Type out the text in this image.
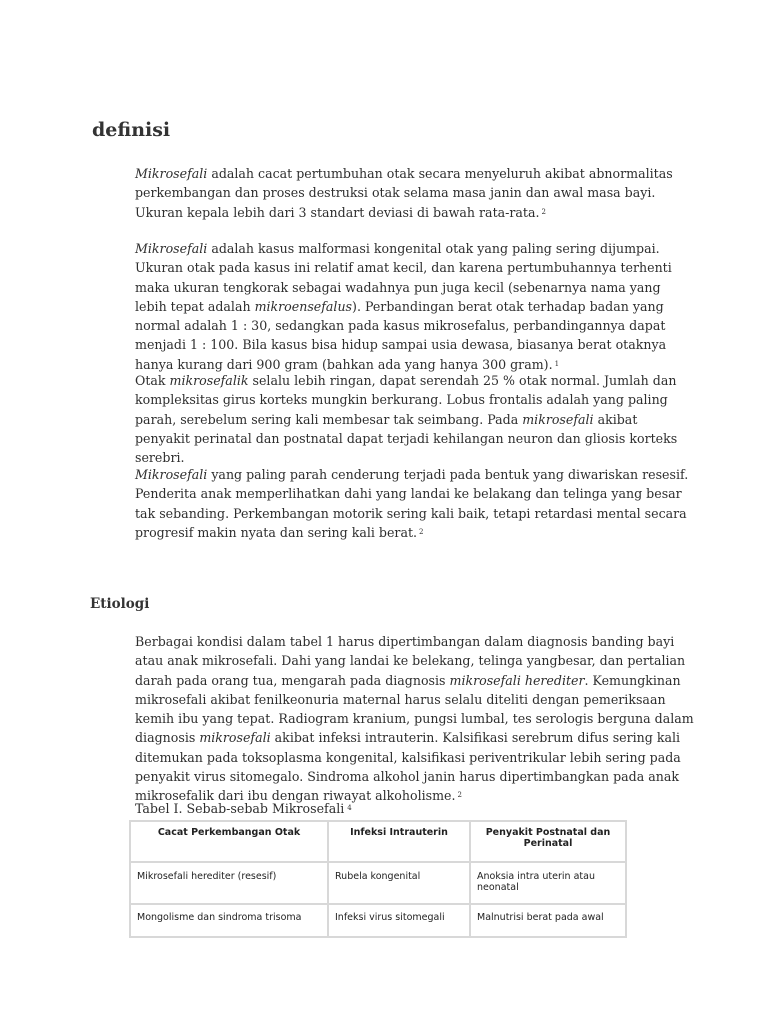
definisi

Mikrosefali adalah cacat pertumbuhan otak secara menyeluruh akibat abnormalitas perkembangan dan proses destruksi otak selama masa janin dan awal masa bayi. Ukuran kepala lebih dari 3 standart deviasi di bawah rata-rata. $^2$

Mikrosefali adalah kasus malformasi kongenital otak yang paling sering dijumpai. Ukuran otak pada kasus ini relatif amat kecil, dan karena pertumbuhannya terhenti maka ukuran tengkorak sebagai wadahnya pun juga kecil (sebenarnya nama yang lebih tepat adalah mikroensefalus). Perbandingan berat otak terhadap badan yang normal adalah 1 : 30, sedangkan pada kasus mikrosefalus, perbandingannya dapat menjadi 1 : 100. Bila kasus bisa hidup sampai usia dewasa, biasanya berat otaknya hanya kurang dari 900 gram (bahkan ada yang hanya 300 gram). $^1$

Otak mikrosefalik selalu lebih ringan, dapat serendah 25 % otak normal. Jumlah dan kompleksitas girus korteks mungkin berkurang. Lobus frontalis adalah yang paling parah, serebelum sering kali membesar tak seimbang. Pada mikrosefali akibat penyakit perinatal dan postnatal dapat terjadi kehilangan neuron dan gliosis korteks serebri.

Mikrosefali yang paling parah cenderung terjadi pada bentuk yang diwariskan resesif. Penderita anak memperlihatkan dahi yang landai ke belakang dan telinga yang besar tak sebanding. Perkembangan motorik sering kali baik, tetapi retardasi mental secara progresif makin nyata dan sering kali berat. $^2$

Etiologi

Berbagai kondisi dalam tabel 1 harus dipertimbangan dalam diagnosis banding bayi atau anak mikrosefali. Dahi yang landai ke belekang, telinga yangbesar, dan pertalian darah pada orang tua, mengarah pada diagnosis mikrosefali herediter. Kemungkinan mikrosefali akibat fenilkeonuria maternal harus selalu diteliti dengan pemeriksaan kemih ibu yang tepat. Radiogram kranium, pungsi lumbal, tes serologis berguna dalam diagnosis mikrosefali akibat infeksi intrauterin. Kalsifikasi serebrum difus sering kali ditemukan pada toksoplasma kongenital, kalsifikasi periventrikular lebih sering pada penyakit virus sitomegalo. Sindroma alkohol janin harus dipertimbangkan pada anak mikrosefalik dari ibu dengan riwayat alkoholisme. $^2$

Tabel I. Sebab-sebab Mikrosefali $^4$

Cacat Perkembangan Otak	Infeksi Intrauterin	Penyakit Postnatal dan Perinatal
Mikrosefali herediter (resesif)	Rubela kongenital	Anoksia intra uterin atau neonatal
Mongolisme dan sindroma trisoma	Infeksi virus sitomegali	Malnutrisi berat pada awal
